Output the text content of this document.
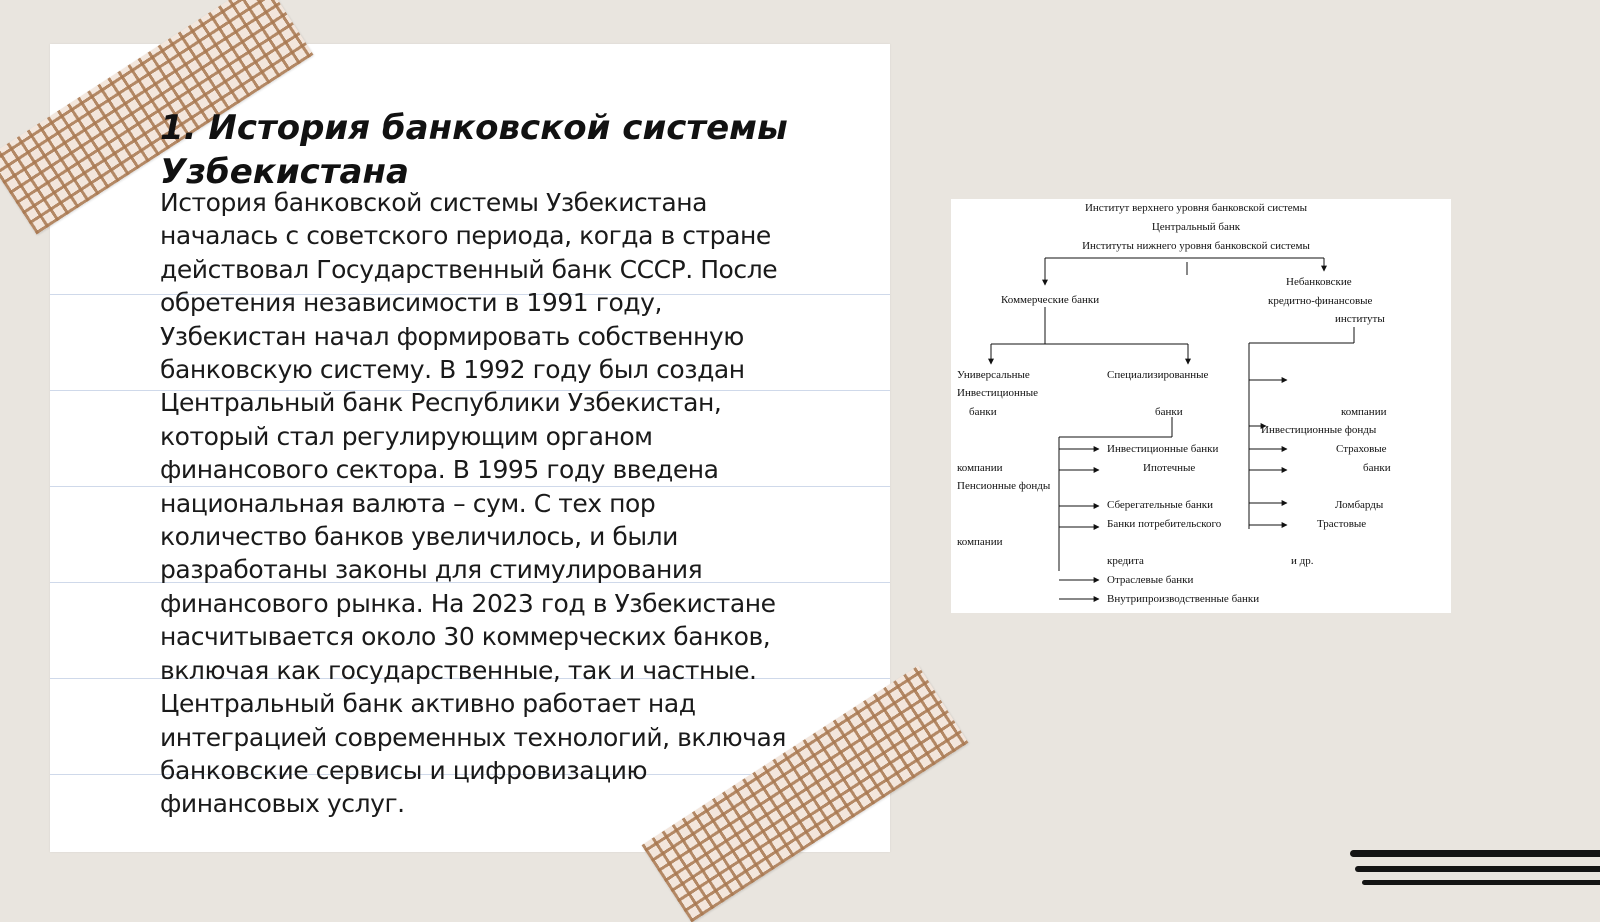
1. История банковской системы Узбекистана

История банковской системы Узбекистана
началась с советского периода, когда в стране
действовал Государственный банк СССР. После
обретения независимости в 1991 году,
Узбекистан начал формировать собственную
банковскую систему. В 1992 году был создан
Центральный банк Республики Узбекистан,
который стал регулирующим органом
финансового сектора. В 1995 году введена
национальная валюта – сум. С тех пор
количество банков увеличилось, и были
разработаны законы для стимулирования
финансового рынка. На 2023 год в Узбекистане
насчитывается около 30 коммерческих банков,
включая как государственные, так и частные.
Центральный банк активно работает над
интеграцией современных технологий, включая
банковские сервисы и цифровизацию
финансовых услуг.

Институт верхнего уровня банковской системы
Центральный банк
Институты нижнего уровня банковской системы
Коммерческие банки
Небанковские
кредитно-финансовые
институты
Универсальные	Специализированные
Инвестиционные
банки	банки	компании
Инвестиционные фонды
Инвестиционные банки	Страховые
компании	Ипотечные	банки
Пенсионные фонды
Сберегательные банки	Ломбарды
Банки потребительского	Трастовые
компании
кредита	и др.
Отраслевые банки
Внутрипроизводственные банки
